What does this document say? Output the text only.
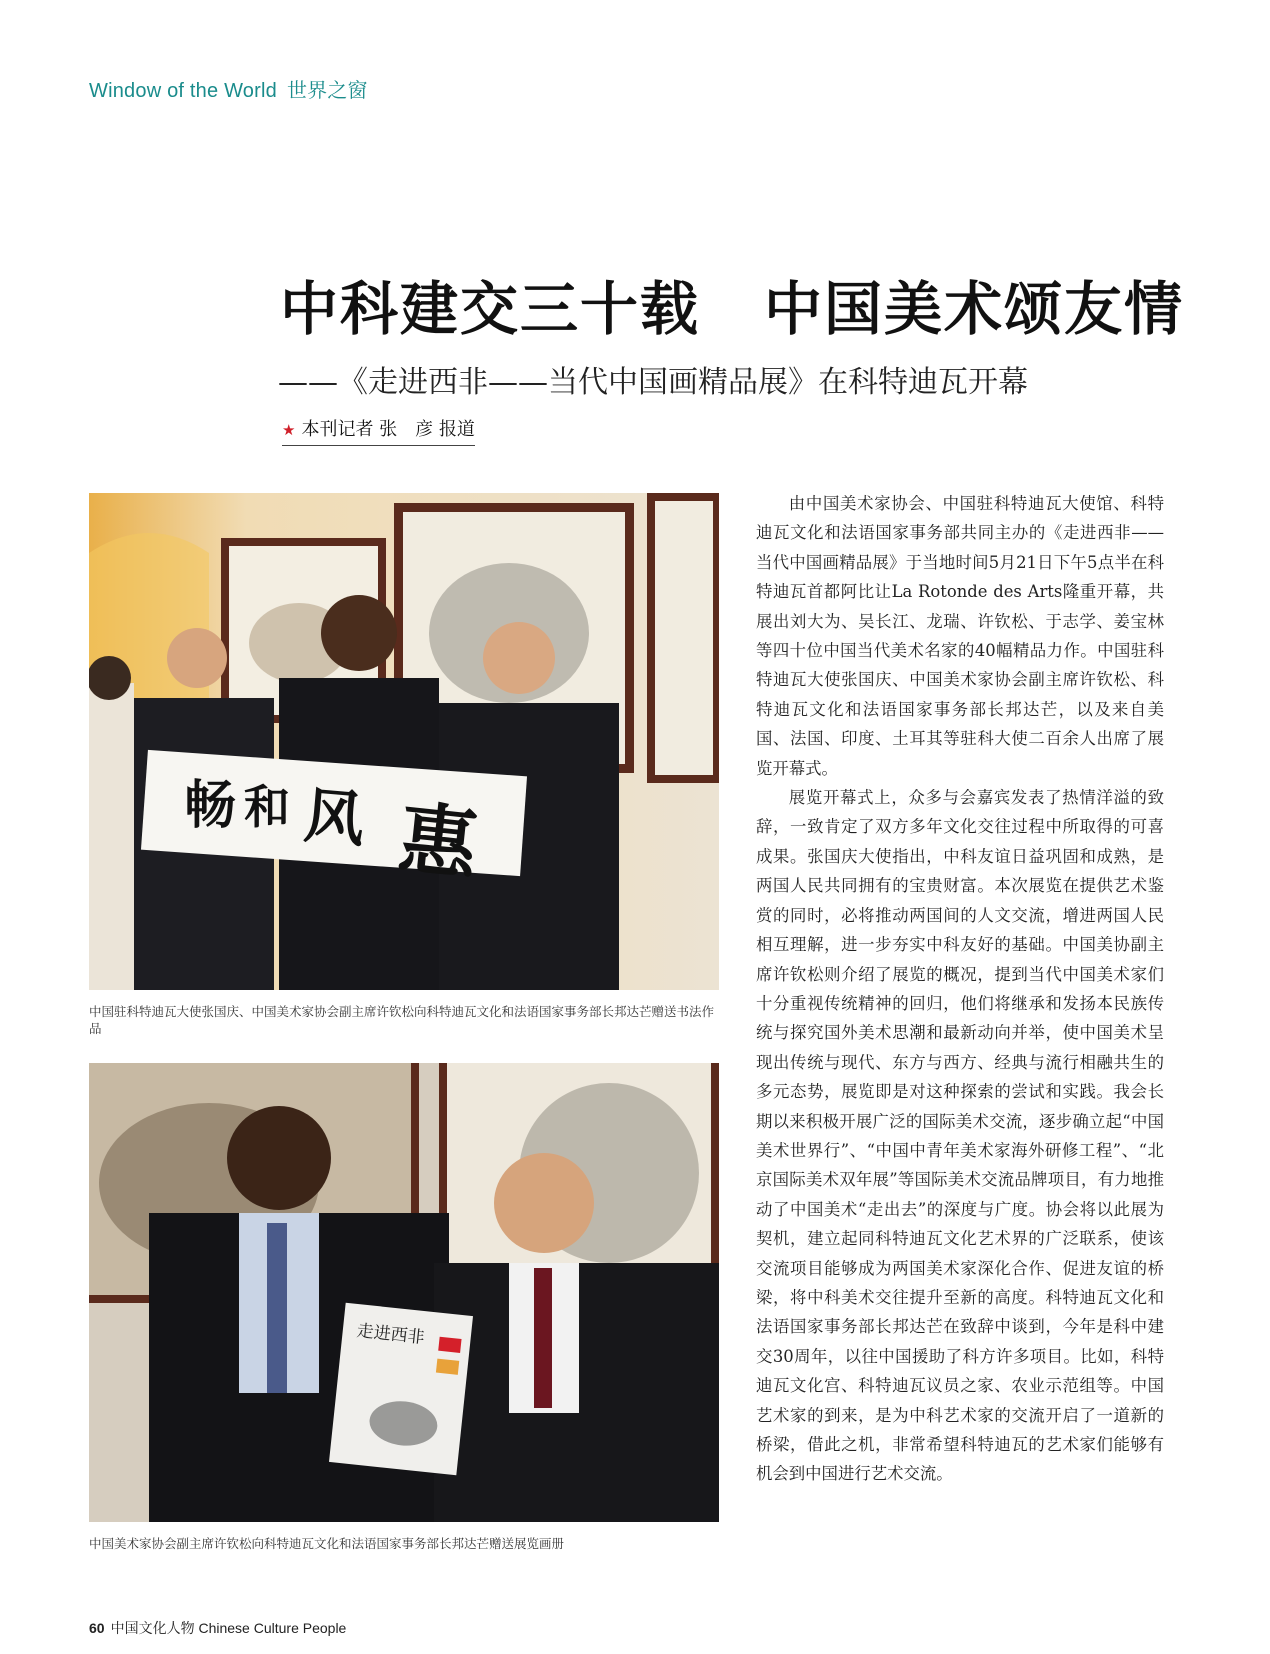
Window of the World 世界之窗
中科建交三十载 中国美术颂友情
——《走进西非——当代中国画精品展》在科特迪瓦开幕
★ 本刊记者 张　彦 报道
惠
风
和
畅
中国驻科特迪瓦大使张国庆、中国美术家协会副主席许钦松向科特迪瓦文化和法语国家事务部长邦达芒赠送书法作品
走进西非
中国美术家协会副主席许钦松向科特迪瓦文化和法语国家事务部长邦达芒赠送展览画册

由中国美术家协会、中国驻科特迪瓦大使馆、科特迪瓦文化和法语国家事务部共同主办的《走进西非——当代中国画精品展》于当地时间5月21日下午5点半在科特迪瓦首都阿比让La Rotonde des Arts隆重开幕，共展出刘大为、吴长江、龙瑞、许钦松、于志学、姜宝林等四十位中国当代美术名家的40幅精品力作。中国驻科特迪瓦大使张国庆、中国美术家协会副主席许钦松、科特迪瓦文化和法语国家事务部长邦达芒，以及来自美国、法国、印度、土耳其等驻科大使二百余人出席了展览开幕式。

展览开幕式上，众多与会嘉宾发表了热情洋溢的致辞，一致肯定了双方多年文化交往过程中所取得的可喜成果。张国庆大使指出，中科友谊日益巩固和成熟，是两国人民共同拥有的宝贵财富。本次展览在提供艺术鉴赏的同时，必将推动两国间的人文交流，增进两国人民相互理解，进一步夯实中科友好的基础。中国美协副主席许钦松则介绍了展览的概况，提到当代中国美术家们十分重视传统精神的回归，他们将继承和发扬本民族传统与探究国外美术思潮和最新动向并举，使中国美术呈现出传统与现代、东方与西方、经典与流行相融共生的多元态势，展览即是对这种探索的尝试和实践。我会长期以来积极开展广泛的国际美术交流，逐步确立起“中国美术世界行”、“中国中青年美术家海外研修工程”、“北京国际美术双年展”等国际美术交流品牌项目，有力地推动了中国美术“走出去”的深度与广度。协会将以此展为契机，建立起同科特迪瓦文化艺术界的广泛联系，使该交流项目能够成为两国美术家深化合作、促进友谊的桥梁，将中科美术交往提升至新的高度。科特迪瓦文化和法语国家事务部长邦达芒在致辞中谈到，今年是科中建交30周年，以往中国援助了科方许多项目。比如，科特迪瓦文化宫、科特迪瓦议员之家、农业示范组等。中国艺术家的到来，是为中科艺术家的交流开启了一道新的桥梁，借此之机，非常希望科特迪瓦的艺术家们能够有机会到中国进行艺术交流。

60 中国文化人物 Chinese Culture People
